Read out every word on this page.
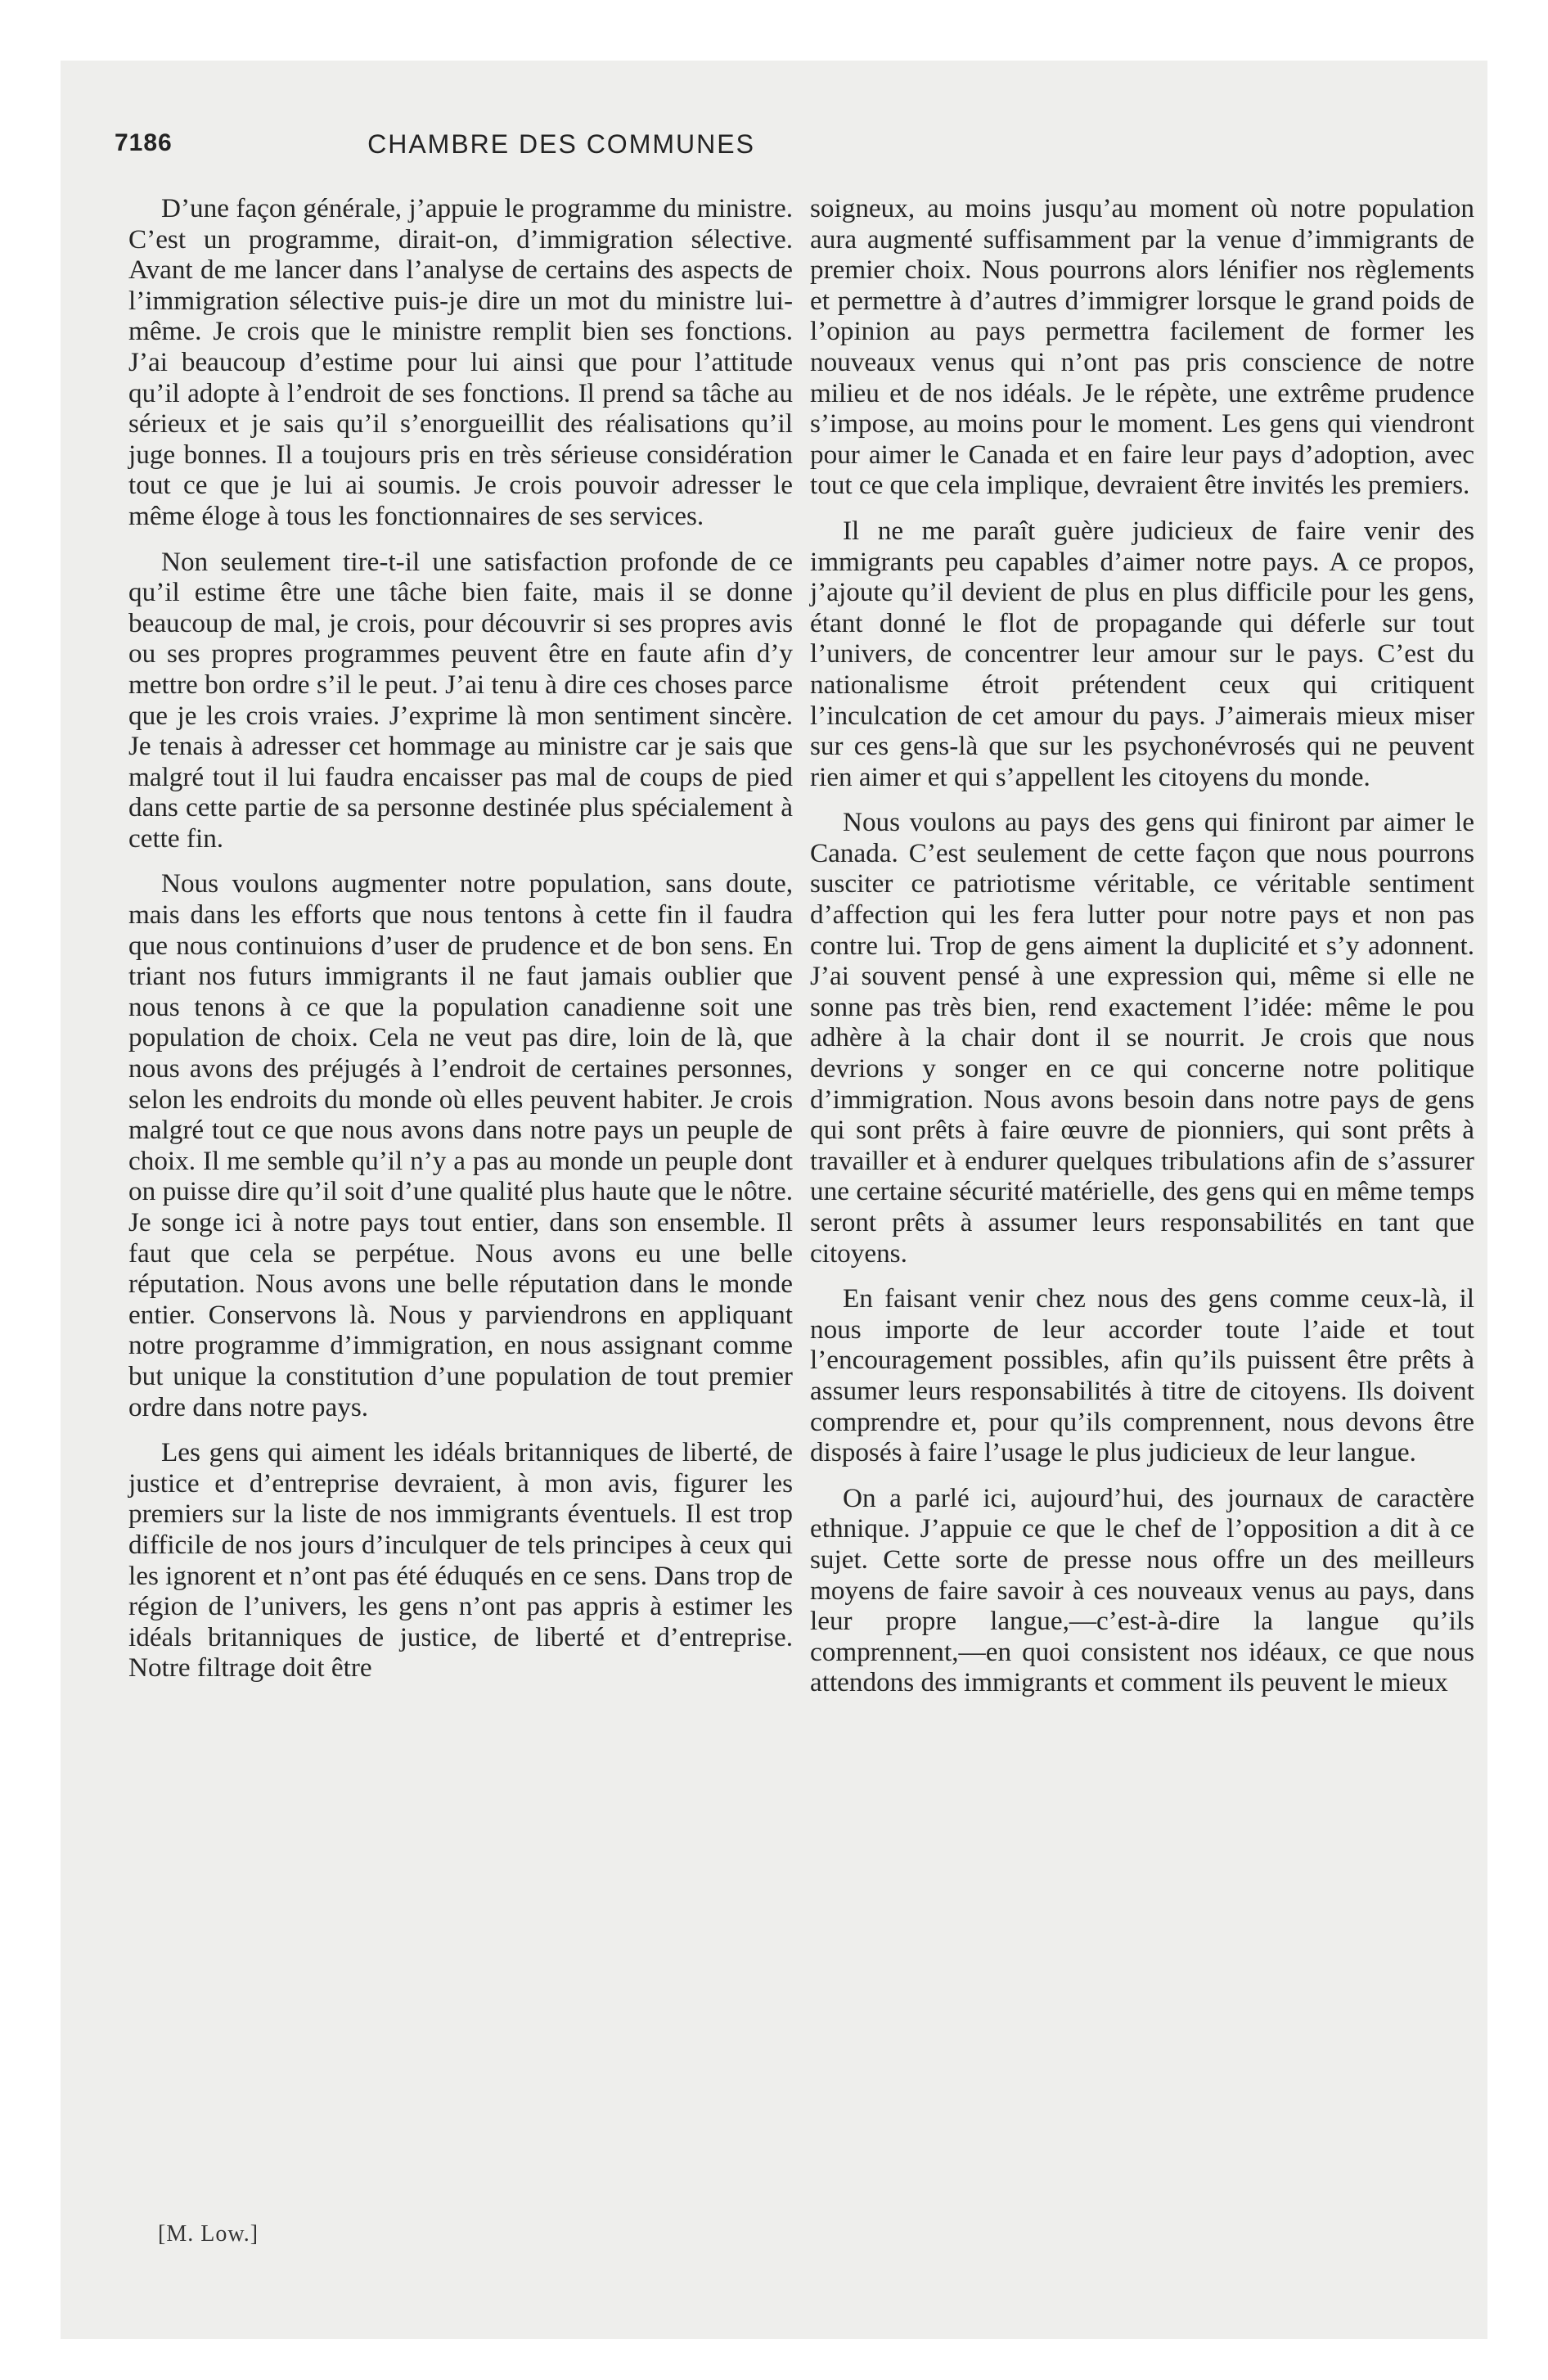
7186	CHAMBRE DES COMMUNES

D’une façon générale, j’appuie le programme du ministre. C’est un programme, dirait-on, d’immigration sélective. Avant de me lancer dans l’analyse de certains des aspects de l’immigration sélective puis-je dire un mot du ministre lui-même. Je crois que le ministre remplit bien ses fonctions. J’ai beaucoup d’estime pour lui ainsi que pour l’attitude qu’il adopte à l’endroit de ses fonctions. Il prend sa tâche au sérieux et je sais qu’il s’enorgueillit des réalisations qu’il juge bonnes. Il a toujours pris en très sérieuse considération tout ce que je lui ai soumis. Je crois pouvoir adresser le même éloge à tous les fonctionnaires de ses services.

Non seulement tire-t-il une satisfaction profonde de ce qu’il estime être une tâche bien faite, mais il se donne beaucoup de mal, je crois, pour découvrir si ses propres avis ou ses propres programmes peuvent être en faute afin d’y mettre bon ordre s’il le peut. J’ai tenu à dire ces choses parce que je les crois vraies. J’exprime là mon sentiment sincère. Je tenais à adresser cet hommage au ministre car je sais que malgré tout il lui faudra encaisser pas mal de coups de pied dans cette partie de sa personne destinée plus spécialement à cette fin.

Nous voulons augmenter notre population, sans doute, mais dans les efforts que nous tentons à cette fin il faudra que nous continuions d’user de prudence et de bon sens. En triant nos futurs immigrants il ne faut jamais oublier que nous tenons à ce que la population canadienne soit une population de choix. Cela ne veut pas dire, loin de là, que nous avons des préjugés à l’endroit de certaines personnes, selon les endroits du monde où elles peuvent habiter. Je crois malgré tout ce que nous avons dans notre pays un peuple de choix. Il me semble qu’il n’y a pas au monde un peuple dont on puisse dire qu’il soit d’une qualité plus haute que le nôtre. Je songe ici à notre pays tout entier, dans son ensemble. Il faut que cela se perpétue. Nous avons eu une belle réputation. Nous avons une belle réputation dans le monde entier. Conservons là. Nous y parviendrons en appliquant notre programme d’immigration, en nous assignant comme but unique la constitution d’une population de tout premier ordre dans notre pays.

Les gens qui aiment les idéals britanniques de liberté, de justice et d’entreprise devraient, à mon avis, figurer les premiers sur la liste de nos immigrants éventuels. Il est trop difficile de nos jours d’inculquer de tels principes à ceux qui les ignorent et n’ont pas été éduqués en ce sens. Dans trop de région de l’univers, les gens n’ont pas appris à estimer les idéals britanniques de justice, de liberté et d’entreprise. Notre filtrage doit être

soigneux, au moins jusqu’au moment où notre population aura augmenté suffisamment par la venue d’immigrants de premier choix. Nous pourrons alors lénifier nos règlements et permettre à d’autres d’immigrer lorsque le grand poids de l’opinion au pays permettra facilement de former les nouveaux venus qui n’ont pas pris conscience de notre milieu et de nos idéals. Je le répète, une extrême prudence s’impose, au moins pour le moment. Les gens qui viendront pour aimer le Canada et en faire leur pays d’adoption, avec tout ce que cela implique, devraient être invités les premiers.

Il ne me paraît guère judicieux de faire venir des immigrants peu capables d’aimer notre pays. A ce propos, j’ajoute qu’il devient de plus en plus difficile pour les gens, étant donné le flot de propagande qui déferle sur tout l’univers, de concentrer leur amour sur le pays. C’est du nationalisme étroit prétendent ceux qui critiquent l’inculcation de cet amour du pays. J’aimerais mieux miser sur ces gens-là que sur les psychonévrosés qui ne peuvent rien aimer et qui s’appellent les citoyens du monde.

Nous voulons au pays des gens qui finiront par aimer le Canada. C’est seulement de cette façon que nous pourrons susciter ce patriotisme véritable, ce véritable sentiment d’affection qui les fera lutter pour notre pays et non pas contre lui. Trop de gens aiment la duplicité et s’y adonnent. J’ai souvent pensé à une expression qui, même si elle ne sonne pas très bien, rend exactement l’idée: même le pou adhère à la chair dont il se nourrit. Je crois que nous devrions y songer en ce qui concerne notre politique d’immigration. Nous avons besoin dans notre pays de gens qui sont prêts à faire œuvre de pionniers, qui sont prêts à travailler et à endurer quelques tribulations afin de s’assurer une certaine sécurité matérielle, des gens qui en même temps seront prêts à assumer leurs responsabilités en tant que citoyens.

En faisant venir chez nous des gens comme ceux-là, il nous importe de leur accorder toute l’aide et tout l’encouragement possibles, afin qu’ils puissent être prêts à assumer leurs responsabilités à titre de citoyens. Ils doivent comprendre et, pour qu’ils comprennent, nous devons être disposés à faire l’usage le plus judicieux de leur langue.

On a parlé ici, aujourd’hui, des journaux de caractère ethnique. J’appuie ce que le chef de l’opposition a dit à ce sujet. Cette sorte de presse nous offre un des meilleurs moyens de faire savoir à ces nouveaux venus au pays, dans leur propre langue,—c’est-à-dire la langue qu’ils comprennent,—en quoi consistent nos idéaux, ce que nous attendons des immigrants et comment ils peuvent le mieux

[M. Low.]
